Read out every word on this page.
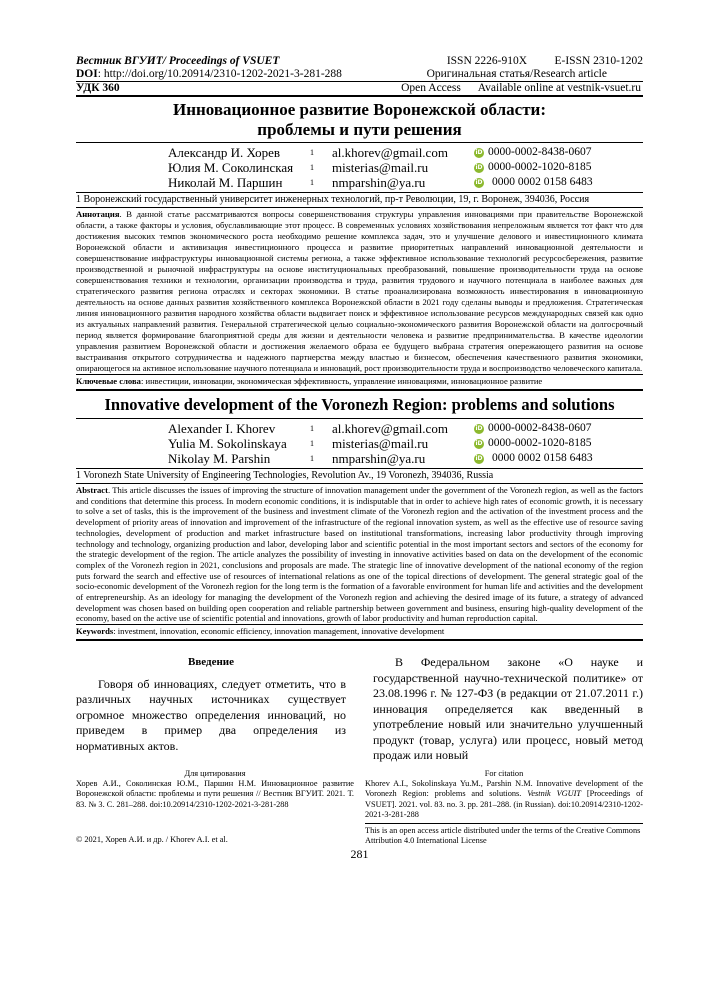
Вестник ВГУИТ/ Proceedings of VSUET	ISSN 2226-910X E-ISSN 2310-1202
DOI: http://doi.org/10.20914/2310-1202-2021-3-281-288	Оригинальная статья/Research article
УДК 360	Open Access Available online at vestnik-vsuet.ru
Инновационное развитие Воронежской области:
проблемы и пути решения
Александр И. Хорев	1	al.khorev@gmail.com	iD 0000-0002-8438-0607
Юлия М. Соколинская	1	misterias@mail.ru	iD 0000-0002-1020-8185
Николай М. Паршин	1	nmparshin@ya.ru	iD 0000 0002 0158 6483
1 Воронежский государственный университет инженерных технологий, пр-т Революции, 19, г. Воронеж, 394036, Россия
Аннотация. В данной статье рассматриваются вопросы совершенствования структуры управления инновациями при правительстве Воронежской области, а также факторы и условия, обуславливающие этот процесс. В современных условиях хозяйствования непреложным является тот факт что для достижения высоких темпов экономического роста необходимо решение комплекса задач, это и улучшение делового и инвестиционного климата Воронежской области и активизация инвестиционного процесса и развитие приоритетных направлений инновационной деятельности и совершенствование инфраструктуры инновационной системы региона, а также эффективное использование технологий ресурсосбережения, развитие производственной и рыночной инфраструктуры на основе институциональных преобразований, повышение производительности труда на основе совершенствования техники и технологии, организации производства и труда, развития трудового и научного потенциала в наиболее важных для стратегического развития региона отраслях и секторах экономики. В статье проанализирована возможность инвестирования в инновационную деятельность на основе данных развития хозяйственного комплекса Воронежской области в 2021 году сделаны выводы и предложения. Стратегическая линия инновационного развития народного хозяйства области выдвигает поиск и эффективное использование ресурсов международных связей как одно из актуальных направлений развития. Генеральной стратегической целью социально-экономического развития Воронежской области на долгосрочный период является формирование благоприятной среды для жизни и деятельности человека и развитие предпринимательства. В качестве идеологии управления развитием Воронежской области и достижения желаемого образа ее будущего выбрана стратегия опережающего развития на основе выстраивания открытого сотрудничества и надежного партнерства между властью и бизнесом, обеспечения качественного развития экономики, опирающегося на активное использование научного потенциала и инноваций, рост производительности труда и воспроизводство человеческого капитала.
Ключевые слова: инвестиции, инновации, экономическая эффективность, управление инновациями, инновационное развитие
Innovative development of the Voronezh Region: problems and solutions
Alexander I. Khorev	1	al.khorev@gmail.com	iD 0000-0002-8438-0607
Yulia M. Sokolinskaya	1	misterias@mail.ru	iD 0000-0002-1020-8185
Nikolay M. Parshin	1	nmparshin@ya.ru	iD 0000 0002 0158 6483
1 Voronezh State University of Engineering Technologies, Revolution Av., 19 Voronezh, 394036, Russia
Abstract. This article discusses the issues of improving the structure of innovation management under the government of the Voronezh region, as well as the factors and conditions that determine this process. In modern economic conditions, it is indisputable that in order to achieve high rates of economic growth, it is necessary to solve a set of tasks, this is the improvement of the business and investment climate of the Voronezh region and the activation of the investment process and the development of priority areas of innovation and improvement of the infrastructure of the regional innovation system, as well as the effective use of resource saving technologies, development of production and market infrastructure based on institutional transformations, increasing labor productivity through improving technology and technology, organizing production and labor, developing labor and scientific potential in the most important sectors and sectors of the economy for the strategic development of the region. The article analyzes the possibility of investing in innovative activities based on data on the development of the economic complex of the Voronezh region in 2021, conclusions and proposals are made. The strategic line of innovative development of the national economy of the region puts forward the search and effective use of resources of international relations as one of the topical directions of development. The general strategic goal of the socio-economic development of the Voronezh region for the long term is the formation of a favorable environment for human life and activities and the development of entrepreneurship. As an ideology for managing the development of the Voronezh region and achieving the desired image of its future, a strategy of advanced development was chosen based on building open cooperation and reliable partnership between government and business, ensuring high-quality development of the economy, based on the active use of scientific potential and innovations, growth of labor productivity and human reproduction capital.
Keywords: investment, innovation, economic efficiency, innovation management, innovative development
Введение

Говоря об инновациях, следует отметить, что в различных научных источниках существует огромное множество определения инноваций, но приведем в пример два определения из нормативных актов.

В Федеральном законе «О науке и государственной научно-технической политике» от 23.08.1996 г. № 127-ФЗ (в редакции от 21.07.2011 г.) инновация определяется как введенный в употребление новый или значительно улучшенный продукт (товар, услуга) или процесс, новый метод продаж или новый

Для цитирования
Хорев А.И., Соколинская Ю.М., Паршин Н.М. Инновационное развитие Воронежской области: проблемы и пути решения // Вестник ВГУИТ. 2021. Т. 83. № 3. С. 281–288. doi:10.20914/2310-1202-2021-3-281-288
For citation
Khorev A.I., Sokolinskaya Yu.M., Parshin N.M. Innovative development of the Voronezh Region: problems and solutions. Vestnik VGUIT [Proceedings of VSUET]. 2021. vol. 83. no. 3. pp. 281–288. (in Russian). doi:10.20914/2310-1202-2021-3-281-288
© 2021, Хорев А.И. и др. / Khorev A.I. et al.
This is an open access article distributed under the terms of the Creative Commons Attribution 4.0 International License
281
